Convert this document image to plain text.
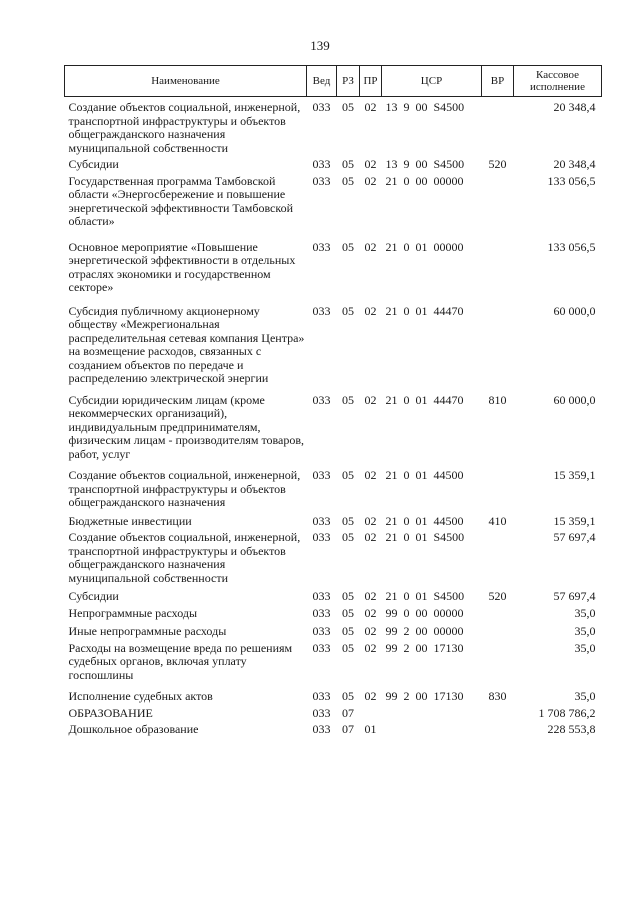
139
Наименование	Вед	РЗ	ПР	ЦСР	ВР	Кассовое исполнение
Создание объектов социальной, инженерной, транспортной инфраструктуры и объектов общегражданского назначения муниципальной собственности	033	05	02	13 9 00 S4500		20 348,4
Субсидии	033	05	02	13 9 00 S4500	520	20 348,4
Государственная программа Тамбовской области «Энергосбережение и повышение энергетической эффективности Тамбовской области»	033	05	02	21 0 00 00000		133 056,5
Основное мероприятие «Повышение энергетической эффективности в отдельных отраслях экономики и государственном секторе»	033	05	02	21 0 01 00000		133 056,5
Субсидия публичному акционерному обществу «Межрегиональная распределительная сетевая компания Центра» на возмещение расходов, связанных с созданием объектов по передаче и распределению электрической энергии	033	05	02	21 0 01 44470		60 000,0
Субсидии юридическим лицам (кроме некоммерческих организаций), индивидуальным предпринимателям, физическим лицам - производителям товаров, работ, услуг	033	05	02	21 0 01 44470	810	60 000,0
Создание объектов социальной, инженерной, транспортной инфраструктуры и объектов общегражданского назначения	033	05	02	21 0 01 44500		15 359,1
Бюджетные инвестиции	033	05	02	21 0 01 44500	410	15 359,1
Создание объектов социальной, инженерной, транспортной инфраструктуры и объектов общегражданского назначения муниципальной собственности	033	05	02	21 0 01 S4500		57 697,4
Субсидии	033	05	02	21 0 01 S4500	520	57 697,4
Непрограммные расходы	033	05	02	99 0 00 00000		35,0
Иные непрограммные расходы	033	05	02	99 2 00 00000		35,0
Расходы на возмещение вреда по решениям судебных органов, включая уплату госпошлины	033	05	02	99 2 00 17130		35,0
Исполнение судебных актов	033	05	02	99 2 00 17130	830	35,0
ОБРАЗОВАНИЕ	033	07				1 708 786,2
Дошкольное образование	033	07	01			228 553,8
